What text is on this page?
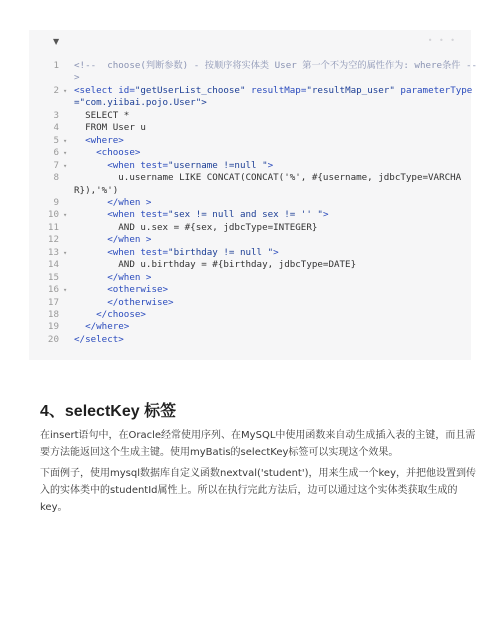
▼	• • •
1 <!--  choose(判断参数) - 按顺序将实体类 User 第一个不为空的属性作为: where条件 --
>
2 ▾ <select id="getUserList_choose" resultMap="resultMap_user" parameterType
="com.yiibai.pojo.User">
3 SELECT *
4 FROM User u
5 ▾ <where>
6 ▾ <choose>
7 ▾ <when test="username !=null ">
8 u.username LIKE CONCAT(CONCAT('%', #{username, jdbcType=VARCHA
R}),'%')
9 </when >
10 ▾ <when test="sex != null and sex != '' ">
11 AND u.sex = #{sex, jdbcType=INTEGER}
12 </when >
13 ▾ <when test="birthday != null ">
14 AND u.birthday = #{birthday, jdbcType=DATE}
15 </when >
16 ▾ <otherwise>
17 </otherwise>
18 </choose>
19 </where>
20 </select>
4、selectKey 标签
在insert语句中，在Oracle经常使用序列、在MySQL中使用函数来自动生成插入表的主键，而且需
要方法能返回这个生成主键。使用myBatis的selectKey标签可以实现这个效果。
下面例子，使用mysql数据库自定义函数nextval('student')，用来生成一个key，并把他设置到传
入的实体类中的studentId属性上。所以在执行完此方法后，边可以通过这个实体类获取生成的
key。
